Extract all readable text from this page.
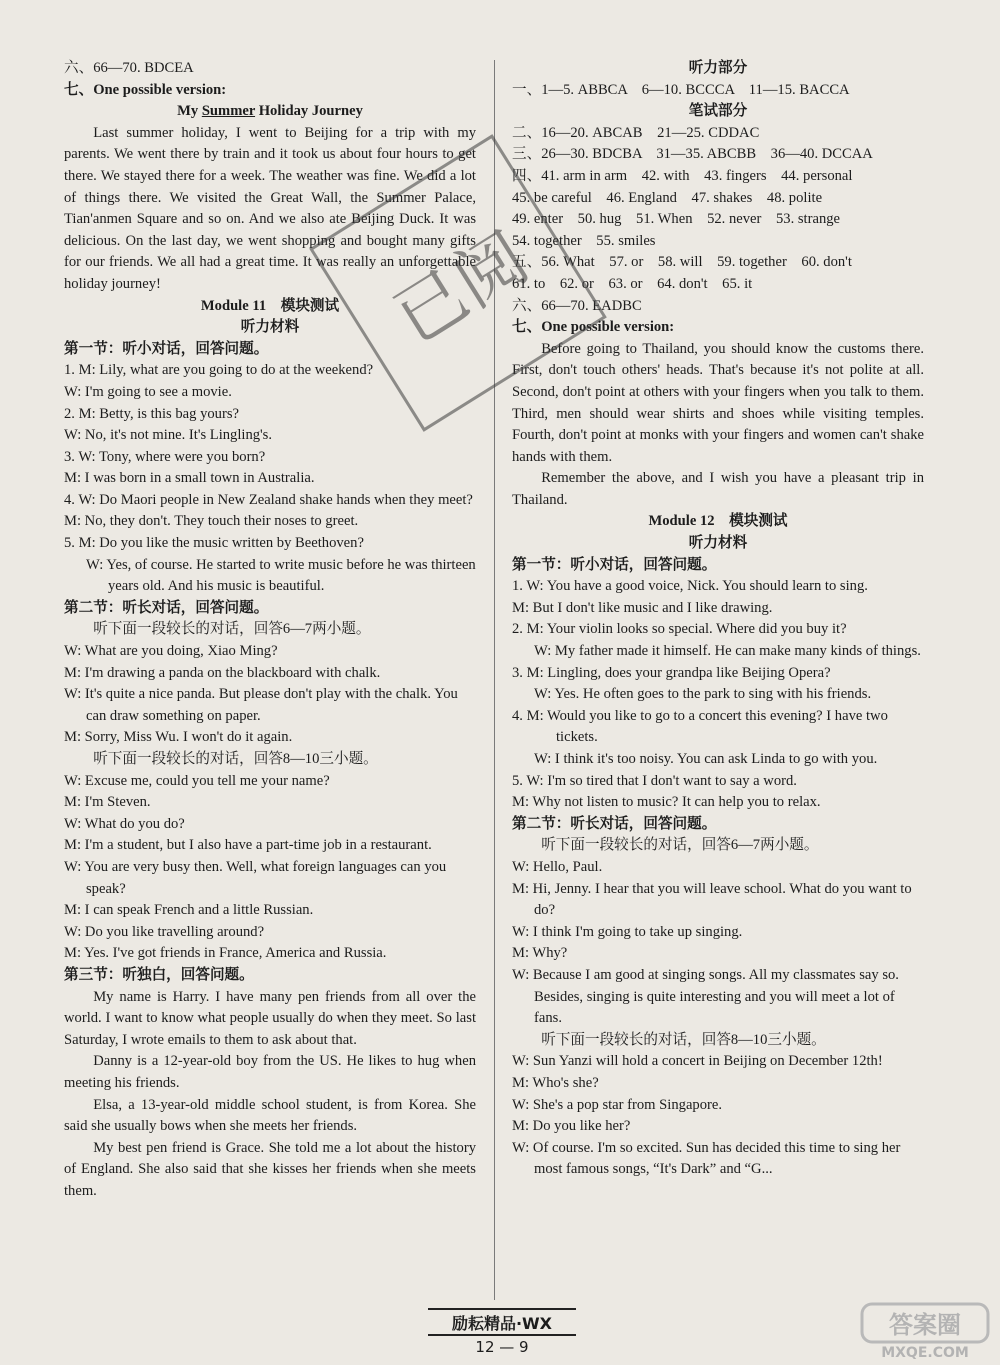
六、66—70. BDCEA
七、One possible version:
My Summer Holiday Journey
Last summer holiday, I went to Beijing for a trip with my parents. We went there by train and it took us about four hours to get there. We stayed there for a week. The weather was fine. We did a lot of things there. We visited the Great Wall, the Summer Palace, Tian'anmen Square and so on. And we also ate Beijing Duck. It was delicious. On the last day, we went shopping and bought many gifts for our friends. We all had a great time. It was really an unforgettable holiday journey!
Module 11　模块测试
听力材料
第一节：听小对话，回答问题。
1. M: Lily, what are you going to do at the weekend?
W: I'm going to see a movie.
2. M: Betty, is this bag yours?
W: No, it's not mine. It's Lingling's.
3. W: Tony, where were you born?
M: I was born in a small town in Australia.
4. W: Do Maori people in New Zealand shake hands when they meet?
M: No, they don't. They touch their noses to greet.
5. M: Do you like the music written by Beethoven?
W: Yes, of course. He started to write music before he was thirteen years old. And his music is beautiful.
第二节：听长对话，回答问题。
听下面一段较长的对话，回答6—7两小题。
W: What are you doing, Xiao Ming?
M: I'm drawing a panda on the blackboard with chalk.
W: It's quite a nice panda. But please don't play with the chalk. You can draw something on paper.
M: Sorry, Miss Wu. I won't do it again.
听下面一段较长的对话，回答8—10三小题。
W: Excuse me, could you tell me your name?
M: I'm Steven.
W: What do you do?
M: I'm a student, but I also have a part-time job in a restaurant.
W: You are very busy then. Well, what foreign languages can you speak?
M: I can speak French and a little Russian.
W: Do you like travelling around?
M: Yes. I've got friends in France, America and Russia.
第三节：听独白，回答问题。
My name is Harry. I have many pen friends from all over the world. I want to know what people usually do when they meet. So last Saturday, I wrote emails to them to ask about that.
Danny is a 12-year-old boy from the US. He likes to hug when meeting his friends.
Elsa, a 13-year-old middle school student, is from Korea. She said she usually bows when she meets her friends.
My best pen friend is Grace. She told me a lot about the history of England. She also said that she kisses her friends when she meets them.
听力部分
一、1—5. ABBCA　6—10. BCCCA　11—15. BACCA
笔试部分
二、16—20. ABCAB　21—25. CDDAC
三、26—30. BDCBA　31—35. ABCBB　36—40. DCCAA
四、41. arm in arm　42. with　43. fingers　44. personal
45. be careful　46. England　47. shakes　48. polite
49. enter　50. hug　51. When　52. never　53. strange
54. together　55. smiles
五、56. What　57. or　58. will　59. together　60. don't
61. to　62. or　63. or　64. don't　65. it
六、66—70. EADBC
七、One possible version:
Before going to Thailand, you should know the customs there. First, don't touch others' heads. That's because it's not polite at all. Second, don't point at others with your fingers when you talk to them. Third, men should wear shirts and shoes while visiting temples. Fourth, don't point at monks with your fingers and women can't shake hands with them.
Remember the above, and I wish you have a pleasant trip in Thailand.
Module 12　模块测试
听力材料
第一节：听小对话，回答问题。
1. W: You have a good voice, Nick. You should learn to sing.
M: But I don't like music and I like drawing.
2. M: Your violin looks so special. Where did you buy it?
W: My father made it himself. He can make many kinds of things.
3. M: Lingling, does your grandpa like Beijing Opera?
W: Yes. He often goes to the park to sing with his friends.
4. M: Would you like to go to a concert this evening? I have two tickets.
W: I think it's too noisy. You can ask Linda to go with you.
5. W: I'm so tired that I don't want to say a word.
M: Why not listen to music? It can help you to relax.
第二节：听长对话，回答问题。
听下面一段较长的对话，回答6—7两小题。
W: Hello, Paul.
M: Hi, Jenny. I hear that you will leave school. What do you want to do?
W: I think I'm going to take up singing.
M: Why?
W: Because I am good at singing songs. All my classmates say so. Besides, singing is quite interesting and you will meet a lot of fans.
听下面一段较长的对话，回答8—10三小题。
W: Sun Yanzi will hold a concert in Beijing on December 12th!
M: Who's she?
W: She's a pop star from Singapore.
M: Do you like her?
W: Of course. I'm so excited. Sun has decided this time to sing her most famous songs, “It's Dark” and “G...
已阅
励耘精品·WX
12 — 9
答案圈
MXQE.COM
